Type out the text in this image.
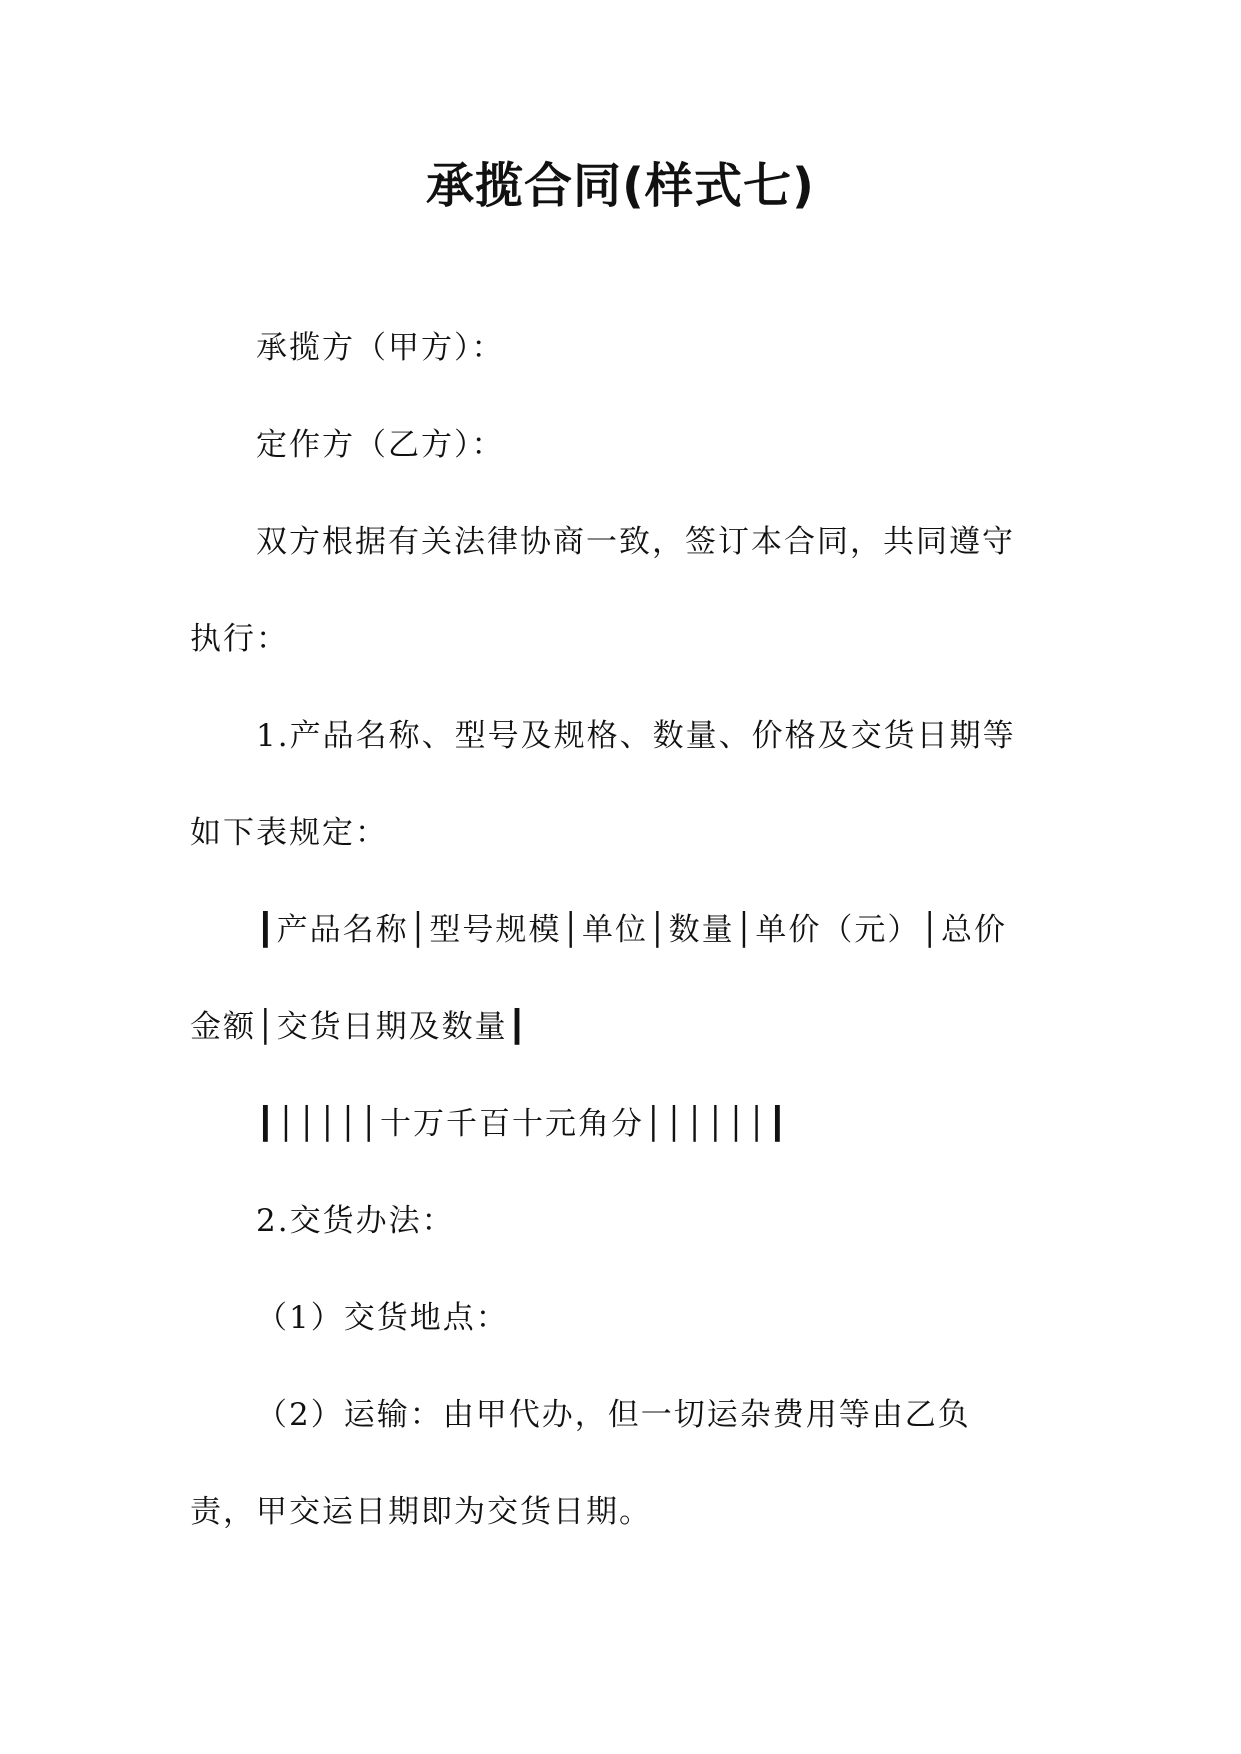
承揽合同(样式七)

承揽方（甲方）：

定作方（乙方）：

双方根据有关法律协商一致，签订本合同，共同遵守执行：

1.产品名称、型号及规格、数量、价格及交货日期等如下表规定：

┃产品名称│型号规模│单位│数量│单价（元）│总价金额│交货日期及数量┃

┃│││││十万千百十元角分││││││┃

2.交货办法：

（1）交货地点：

（2）运输：由甲代办，但一切运杂费用等由乙负责，甲交运日期即为交货日期。
